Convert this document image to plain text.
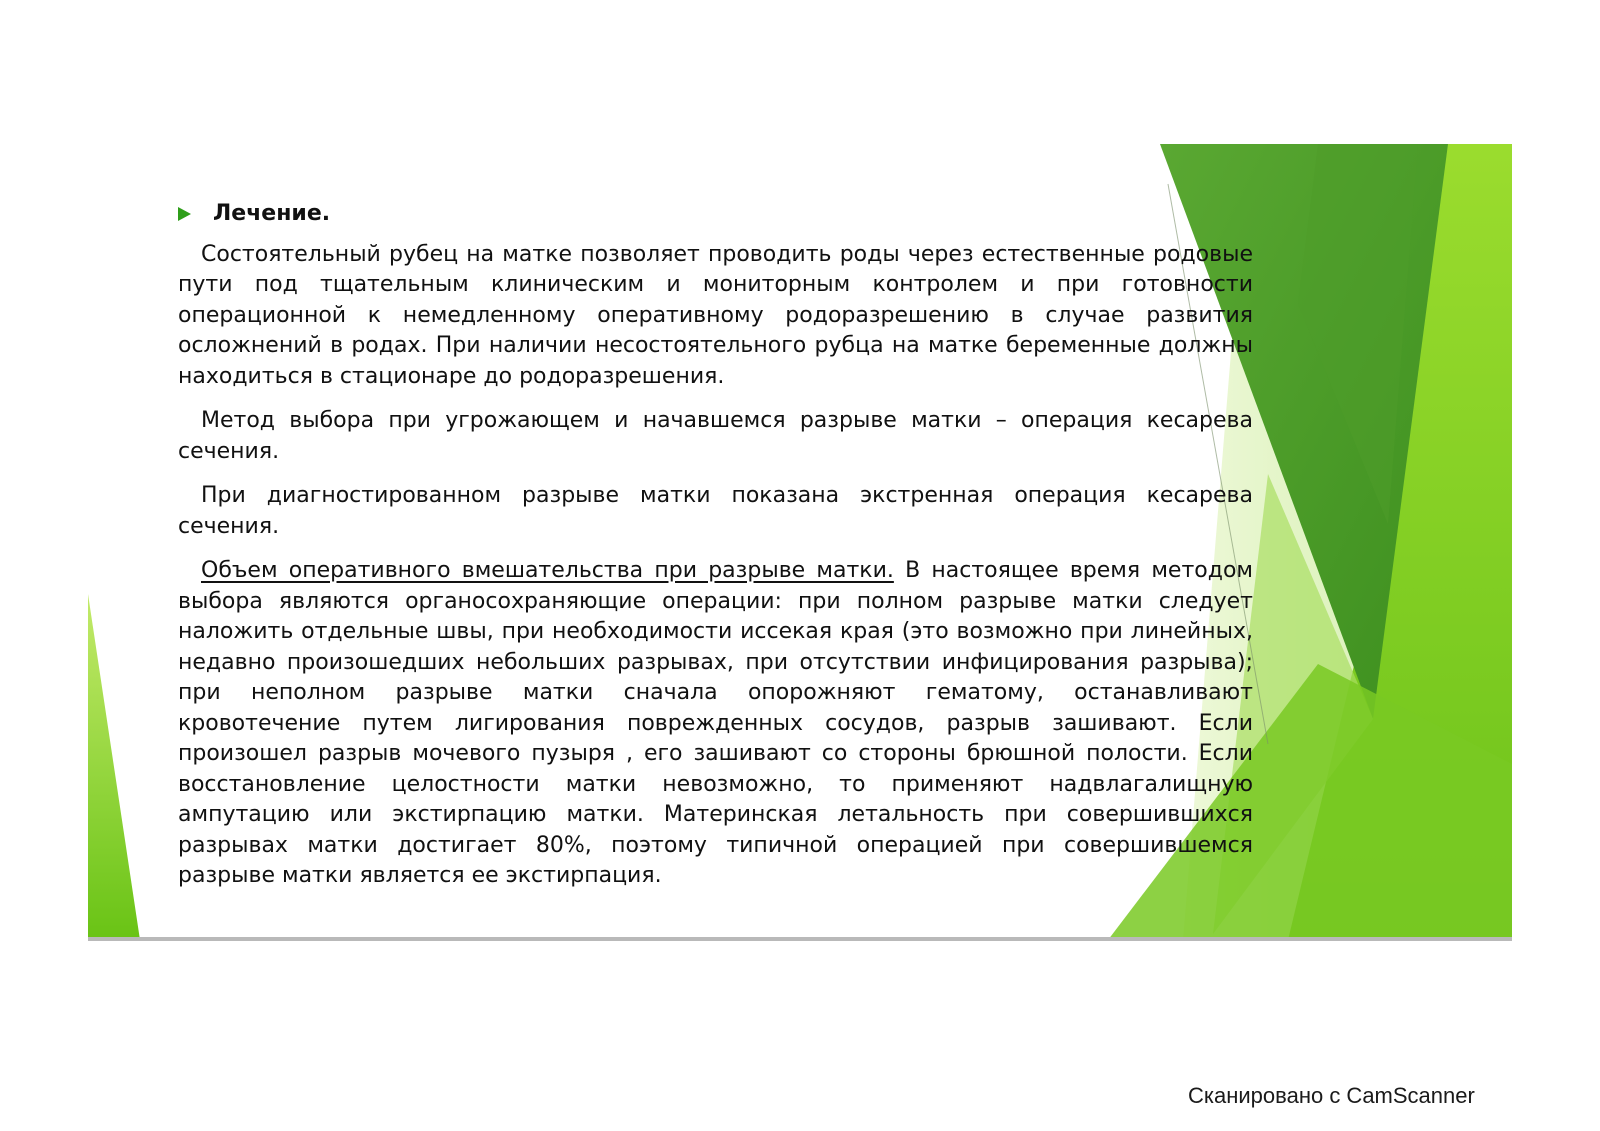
Лечение.

Состоятельный рубец на матке позволяет проводить роды через естественные родовые пути под тщательным клиническим и мониторным контролем и при готовности операционной к немедленному оперативному родоразрешению в случае развития осложнений в родах. При наличии несостоятельного рубца на матке беременные должны находиться в стационаре до родоразрешения.

Метод выбора при угрожающем и начавшемся разрыве матки – операция кесарева сечения.

При диагностированном разрыве матки показана экстренная операция кесарева сечения.

Объем оперативного вмешательства при разрыве матки. В настоящее время методом выбора являются органосохраняющие операции: при полном разрыве матки следует наложить отдельные швы, при необходимости иссекая края (это возможно при линейных, недавно произошедших небольших разрывах, при отсутствии инфицирования разрыва); при неполном разрыве матки сначала опорожняют гематому, останавливают кровотечение путем лигирования поврежденных сосудов, разрыв зашивают. Если произошел разрыв мочевого пузыря , его зашивают со стороны брюшной полости. Если восстановление целостности матки невозможно, то применяют надвлагалищную ампутацию или экстирпацию матки. Материнская летальность при совершившихся разрывах матки достигает 80%, поэтому типичной операцией при совершившемся разрыве матки является ее экстирпация.

Сканировано с CamScanner
